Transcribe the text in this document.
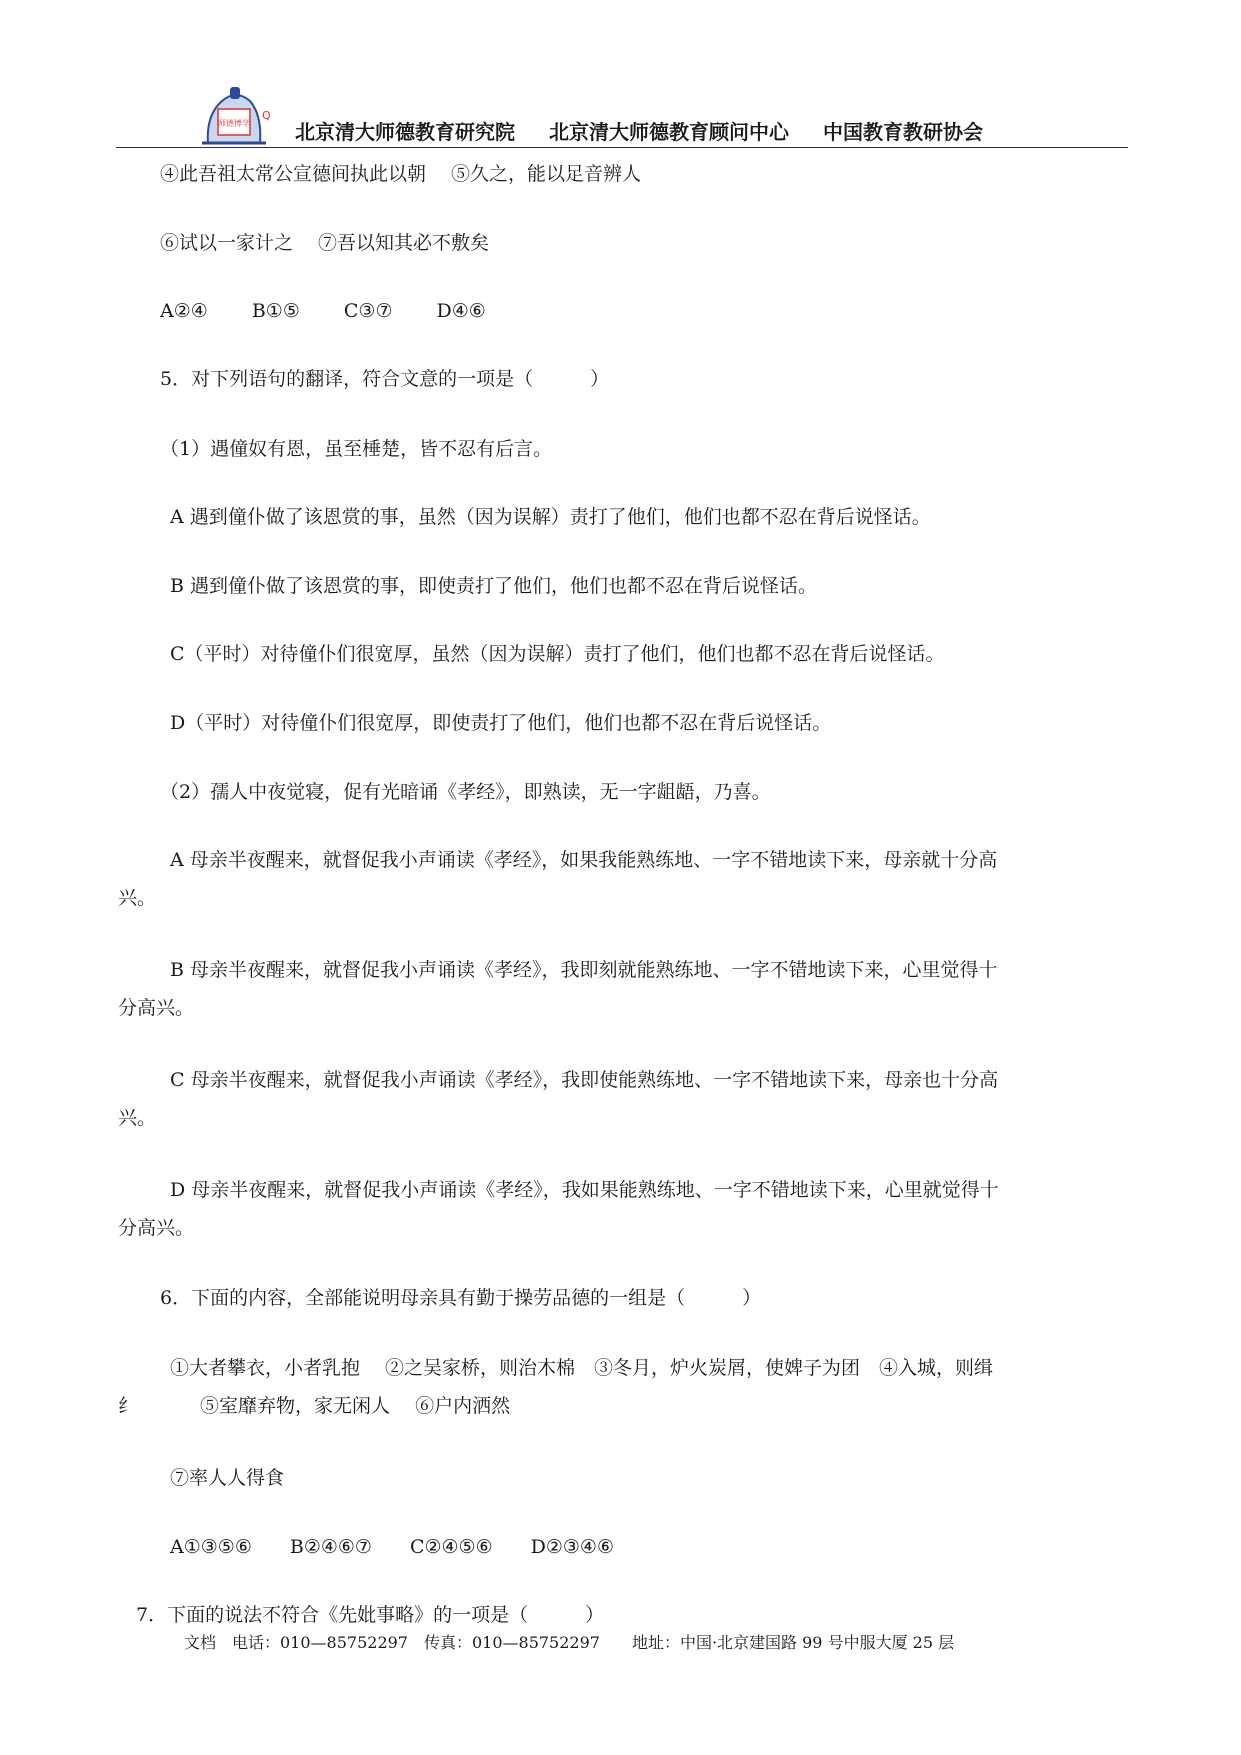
师德博学
Q
北京清大师德教育研究院 北京清大师德教育顾问中心 中国教育教研协会
④此吾祖太常公宣德间执此以朝　 ⑤久之，能以足音辨人
⑥试以一家计之　 ⑦吾以知其必不敷矣
A②④　　 B①⑤　　 C③⑦　　 D④⑥
5．对下列语句的翻译，符合文意的一项是（　　　）
（1）遇僮奴有恩，虽至棰楚，皆不忍有后言。
A 遇到僮仆做了该恩赏的事，虽然（因为误解）责打了他们，他们也都不忍在背后说怪话。
B 遇到僮仆做了该恩赏的事，即使责打了他们，他们也都不忍在背后说怪话。
C（平时）对待僮仆们很宽厚，虽然（因为误解）责打了他们，他们也都不忍在背后说怪话。
D（平时）对待僮仆们很宽厚，即使责打了他们，他们也都不忍在背后说怪话。
（2）孺人中夜觉寝，促有光暗诵《孝经》，即熟读，无一字龃龉，乃喜。
A 母亲半夜醒来，就督促我小声诵读《孝经》，如果我能熟练地、一字不错地读下来，母亲就十分高
兴。
B 母亲半夜醒来，就督促我小声诵读《孝经》，我即刻就能熟练地、一字不错地读下来，心里觉得十
分高兴。
C 母亲半夜醒来，就督促我小声诵读《孝经》，我即使能熟练地、一字不错地读下来，母亲也十分高
兴。
D 母亲半夜醒来，就督促我小声诵读《孝经》，我如果能熟练地、一字不错地读下来，心里就觉得十
分高兴。
6．下面的内容，全部能说明母亲具有勤于操劳品德的一组是（　　　）
①大者攀衣，小者乳抱　 ②之吴家桥，则治木棉　③冬月，炉火炭屑，使婢子为团　④入城，则缉
纟　　　 ⑤室靡弃物，家无闲人　 ⑥户内洒然
⑦率人人得食
A①③⑤⑥　　B②④⑥⑦　　C②④⑤⑥　　D②③④⑥
7．下面的说法不符合《先妣事略》的一项是（　　　）
文档　电话：010—85752297　传真：010—85752297　　地址：中国·北京建国路 99 号中服大厦 25 层
